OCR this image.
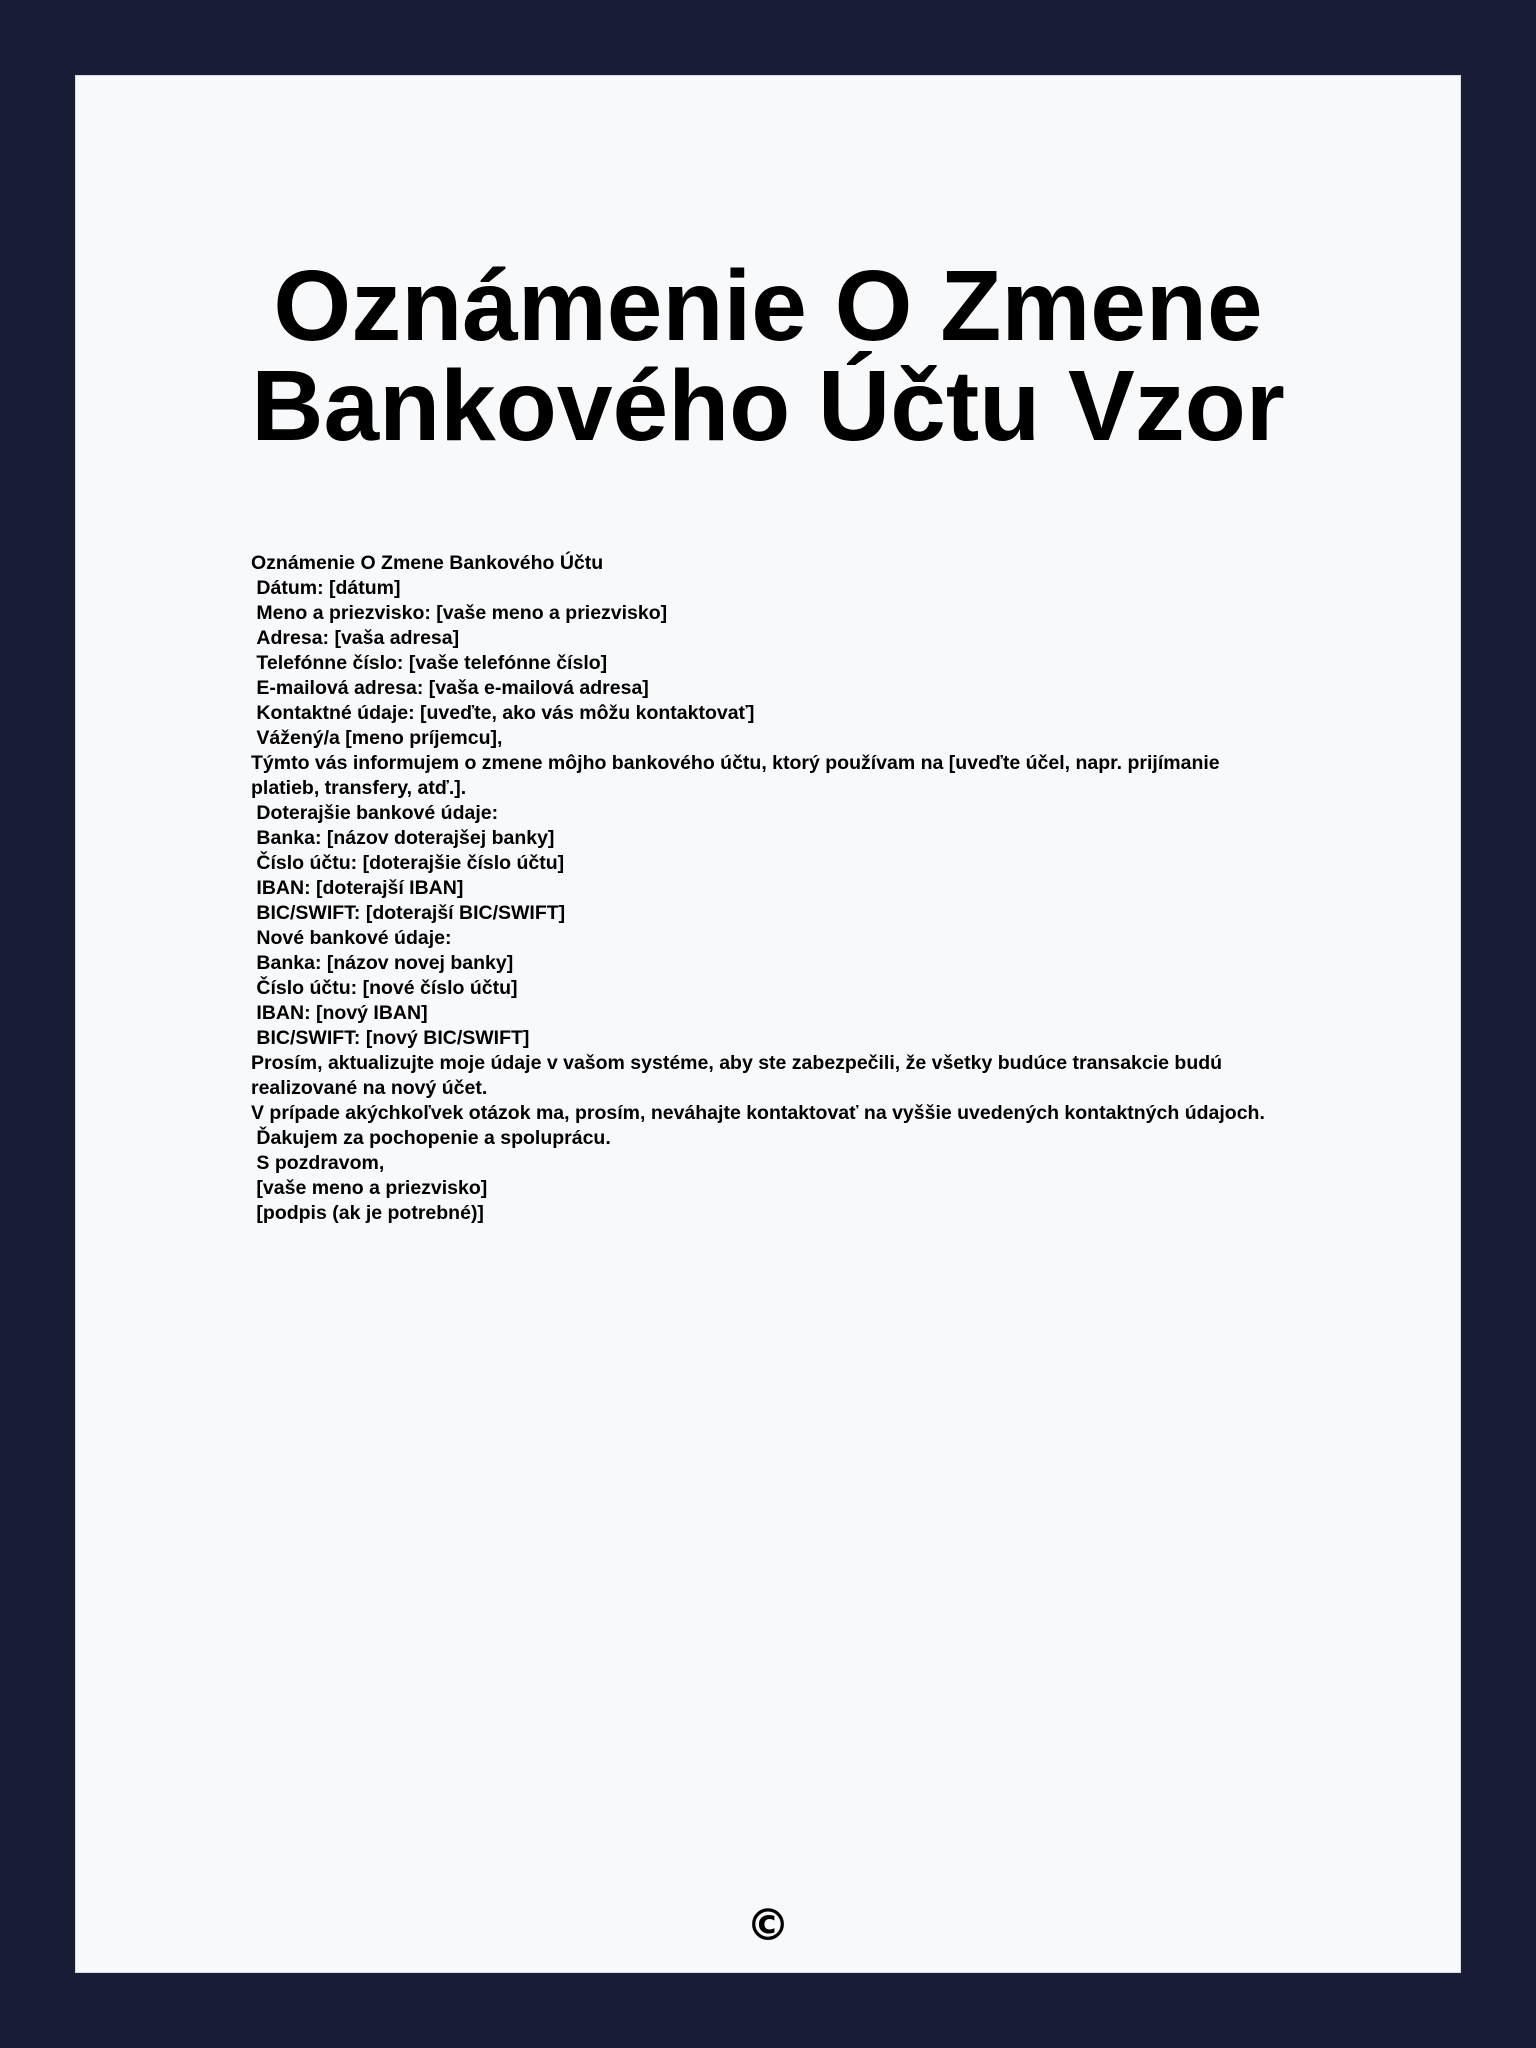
Oznámenie O Zmene Bankového Účtu Vzor
Oznámenie O Zmene Bankového Účtu
Dátum: [dátum]
Meno a priezvisko: [vaše meno a priezvisko]
Adresa: [vaša adresa]
Telefónne číslo: [vaše telefónne číslo]
E-mailová adresa: [vaša e-mailová adresa]
Kontaktné údaje: [uveďte, ako vás môžu kontaktovať]
Vážený/a [meno príjemcu],
Týmto vás informujem o zmene môjho bankového účtu, ktorý používam na [uveďte účel, napr. prijímanie platieb, transfery, atď.].
Doterajšie bankové údaje:
Banka: [názov doterajšej banky]
Číslo účtu: [doterajšie číslo účtu]
IBAN: [doterajší IBAN]
BIC/SWIFT: [doterajší BIC/SWIFT]
Nové bankové údaje:
Banka: [názov novej banky]
Číslo účtu: [nové číslo účtu]
IBAN: [nový IBAN]
BIC/SWIFT: [nový BIC/SWIFT]
Prosím, aktualizujte moje údaje v vašom systéme, aby ste zabezpečili, že všetky budúce transakcie budú realizované na nový účet.
V prípade akýchkoľvek otázok ma, prosím, neváhajte kontaktovať na vyššie uvedených kontaktných údajoch.
Ďakujem za pochopenie a spoluprácu.
S pozdravom,
[vaše meno a priezvisko]
[podpis (ak je potrebné)]
©
